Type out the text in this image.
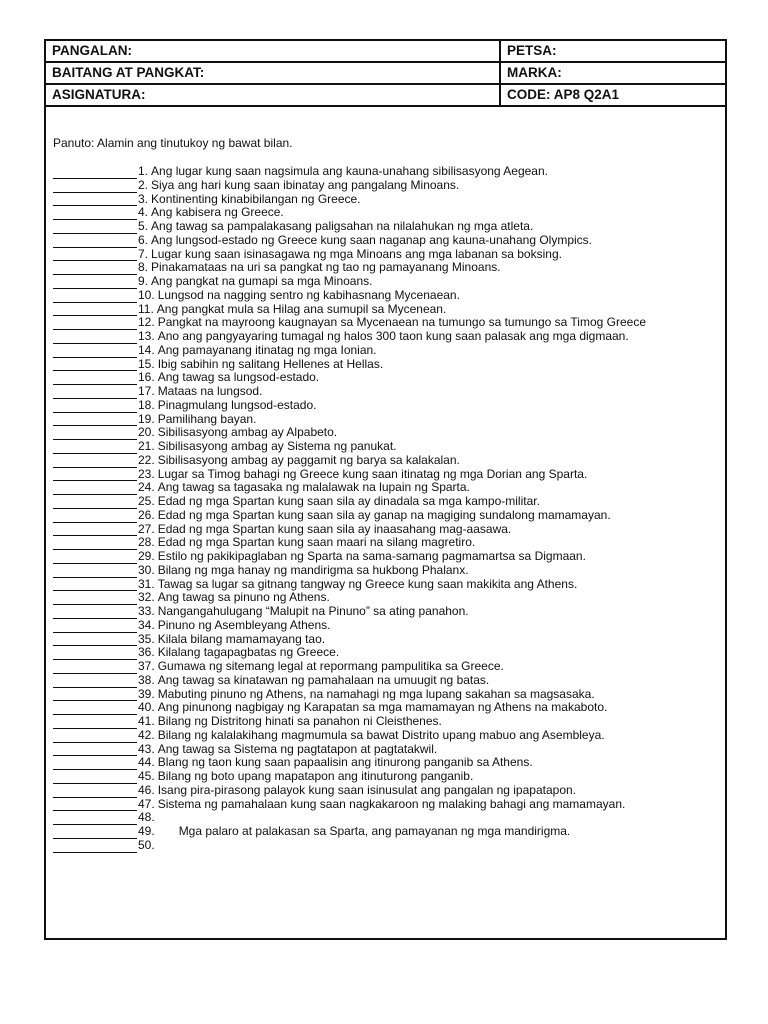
PANGALAN:	PETSA:
BAITANG AT PANGKAT:	MARKA:
ASIGNATURA:	CODE: AP8 Q2A1
Panuto: Alamin ang tinutukoy ng bawat bilan.
1. Ang lugar kung saan nagsimula ang kauna-unahang sibilisasyong Aegean.
2. Siya ang hari kung saan ibinatay ang pangalang Minoans.
3. Kontinenting kinabibilangan ng Greece.
4. Ang kabisera ng Greece.
5. Ang tawag sa pampalakasang paligsahan na nilalahukan ng mga atleta.
6. Ang lungsod-estado ng Greece kung saan naganap ang kauna-unahang Olympics.
7. Lugar kung saan isinasagawa ng mga Minoans ang mga labanan sa boksing.
8. Pinakamataas na uri sa pangkat ng tao ng pamayanang Minoans.
9. Ang pangkat na gumapi sa mga Minoans.
10. Lungsod na nagging sentro ng kabihasnang Mycenaean.
11. Ang pangkat mula sa Hilag ana sumupil sa Mycenean.
12. Pangkat na mayroong kaugnayan sa Mycenaean na tumungo sa tumungo sa Timog Greece
13. Ano ang pangyayaring tumagal ng halos 300 taon kung saan palasak ang mga digmaan.
14. Ang pamayanang itinatag ng mga Ionian.
15. Ibig sabihin ng salitang Hellenes at Hellas.
16. Ang tawag sa lungsod-estado.
17. Mataas na lungsod.
18. Pinagmulang lungsod-estado.
19. Pamilihang bayan.
20. Sibilisasyong ambag ay Alpabeto.
21. Sibilisasyong ambag ay Sistema ng panukat.
22. Sibilisasyong ambag ay paggamit ng barya sa kalakalan.
23. Lugar sa Timog bahagi ng Greece kung saan itinatag ng mga Dorian ang Sparta.
24. Ang tawag sa tagasaka ng malalawak na lupain ng Sparta.
25. Edad ng mga Spartan kung saan sila ay dinadala sa mga kampo-militar.
26. Edad ng mga Spartan kung saan sila ay ganap na magiging sundalong mamamayan.
27. Edad ng mga Spartan kung saan sila ay inaasahang mag-aasawa.
28. Edad ng mga Spartan kung saan maari na silang magretiro.
29. Estilo ng pakikipaglaban ng Sparta na sama-samang pagmamartsa sa Digmaan.
30. Bilang ng mga hanay ng mandirigma sa hukbong Phalanx.
31. Tawag sa lugar sa gitnang tangway ng Greece kung saan makikita ang Athens.
32. Ang tawag sa pinuno ng Athens.
33. Nangangahulugang “Malupit na Pinuno” sa ating panahon.
34. Pinuno ng Asembleyang Athens.
35. Kilala bilang mamamayang tao.
36. Kilalang tagapagbatas ng Greece.
37. Gumawa ng sitemang legal at repormang pampulitika sa Greece.
38. Ang tawag sa kinatawan ng pamahalaan na umuugit ng batas.
39. Mabuting pinuno ng Athens, na namahagi ng mga lupang sakahan sa magsasaka.
40. Ang pinunong nagbigay ng Karapatan sa mga mamamayan ng Athens na makaboto.
41. Bilang ng Distritong hinati sa panahon ni Cleisthenes.
42. Bilang ng kalalakihang magmumula sa bawat Distrito upang mabuo ang Asembleya.
43. Ang tawag sa Sistema ng pagtatapon at pagtatakwil.
44. Blang ng taon kung saan papaalisin ang itinurong panganib sa Athens.
45. Bilang ng boto upang mapatapon ang itinuturong panganib.
46. Isang pira-pirasong palayok kung saan isinusulat ang pangalan ng ipapatapon.
47. Sistema ng pamahalaan kung saan nagkakaroon ng malaking bahagi ang mamamayan.
48.
49. Mga palaro at palakasan sa Sparta, ang pamayanan ng mga mandirigma.
50.
